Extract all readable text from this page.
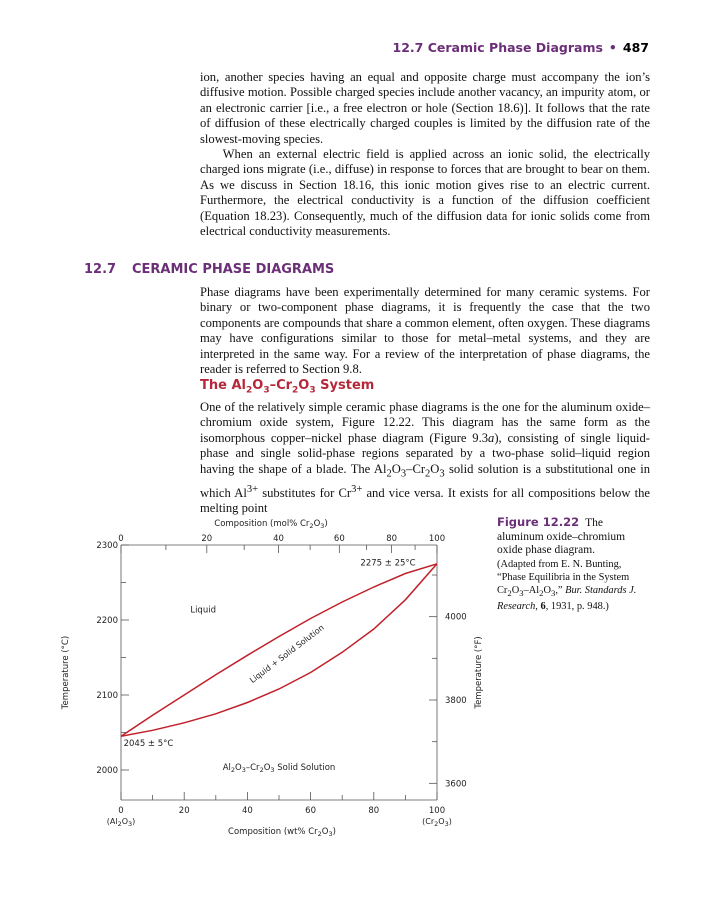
12.7 Ceramic Phase Diagrams • 487

ion, another species having an equal and opposite charge must accompany the ion’s diffusive motion. Possible charged species include another vacancy, an impurity atom, or an electronic carrier [i.e., a free electron or hole (Section 18.6)]. It follows that the rate of diffusion of these electrically charged couples is limited by the diffusion rate of the slowest-moving species.

When an external electric field is applied across an ionic solid, the electrically charged ions migrate (i.e., diffuse) in response to forces that are brought to bear on them. As we discuss in Section 18.16, this ionic motion gives rise to an electric current. Furthermore, the electrical conductivity is a function of the diffusion coefficient (Equation 18.23). Consequently, much of the diffusion data for ionic solids come from electrical conductivity measurements.

12.7 CERAMIC PHASE DIAGRAMS

Phase diagrams have been experimentally determined for many ceramic systems. For binary or two-component phase diagrams, it is frequently the case that the two components are compounds that share a common element, often oxygen. These diagrams may have configurations similar to those for metal–metal systems, and they are interpreted in the same way. For a review of the interpretation of phase diagrams, the reader is referred to Section 9.8.

The $Al_2O_3-Cr_2O_3$ System

One of the relatively simple ceramic phase diagrams is the one for the aluminum oxide–chromium oxide system, Figure 12.22. This diagram has the same form as the isomorphous copper–nickel phase diagram (Figure 9.3a), consisting of single liquid-phase and single solid-phase regions separated by a two-phase solid–liquid region having the shape of a blade. The $Al_2O_3-Cr_2O_3$ solid solution is a substitutional one in which $Al^{3+}$ substitutes for $Cr^{3+}$ and vice versa. It exists for all compositions below the melting point

0	20	40	60	80	100
$(Al_2O_3)$	$(Cr_2O_3)$
Composition (wt% $Cr_2O_3$)
0	20	40	60	80	100
Composition (mol% $Cr_2O_3$)
2000
2100
2200
2300
Temperature (°C)
3600
3800
4000
Temperature (°F)
Liquid
Liquid + Solid Solution
$Al_2O_3-Cr_2O_3$ Solid Solution
2275 ± 25°C
2045 ± 5°C
Figure 12.22 The aluminum oxide–chromium oxide phase diagram.
(Adapted from E. N. Bunting, “Phase Equilibria in the System $Cr_2O_3-Al_2O_3$,” Bur. Standards J. Research, 6, 1931, p. 948.)
